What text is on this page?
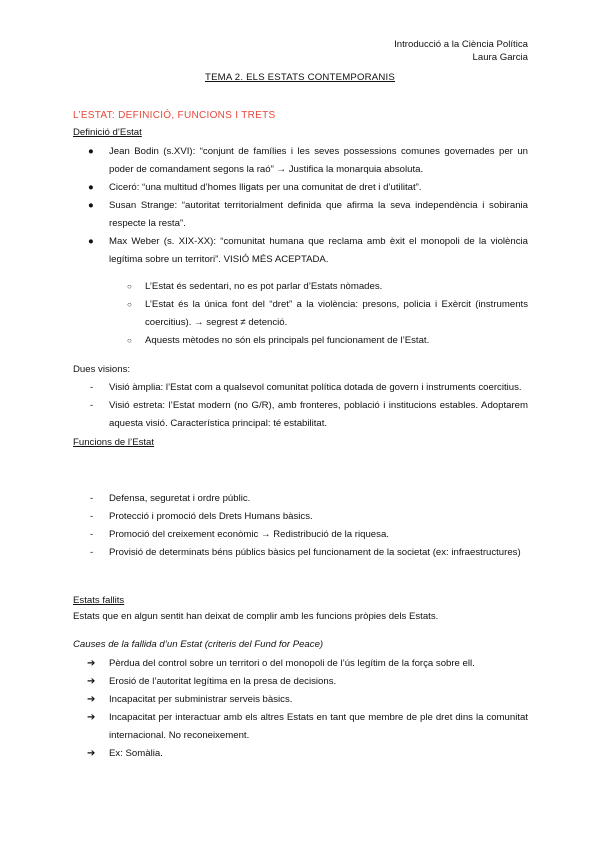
Introducció a la Ciència Política
Laura Garcia
TEMA 2. ELS ESTATS CONTEMPORANIS
L’ESTAT: DEFINICIÓ, FUNCIONS I TRETS
Definició d’Estat
● Jean Bodin (s.XVI): “conjunt de famílies i les seves possessions comunes governades per un poder de comandament segons la raó” → Justifica la monarquia absoluta.
● Ciceró: “una multitud d’homes lligats per una comunitat de dret i d’utilitat”.
● Susan Strange: “autoritat territorialment definida que afirma la seva independència i sobirania respecte la resta”.
● Max Weber (s. XIX-XX): “comunitat humana que reclama amb èxit el monopoli de la violència legítima sobre un territori”. VISIÓ MÉS ACEPTADA.
○ L’Estat és sedentari, no es pot parlar d’Estats nòmades.
○ L’Estat és la única font del “dret” a la violència: presons, policia i Exèrcit (instruments coercitius). → segrest ≠ detenció.
○ Aquests mètodes no són els principals pel funcionament de l’Estat.
Dues visions:
- Visió àmplia: l’Estat com a qualsevol comunitat política dotada de govern i instruments coercitius.
- Visió estreta: l’Estat modern (no G/R), amb fronteres, població i institucions estables. Adoptarem aquesta visió. Característica principal: té estabilitat.
Funcions de l’Estat
- Defensa, seguretat i ordre públic.
- Protecció i promoció dels Drets Humans bàsics.
- Promoció del creixement econòmic → Redistribució de la riquesa.
- Provisió de determinats béns públics bàsics pel funcionament de la societat (ex: infraestructures)
Estats fallits
Estats que en algun sentit han deixat de complir amb les funcions pròpies dels Estats.
Causes de la fallida d’un Estat (criteris del Fund for Peace)
➔ Pèrdua del control sobre un territori o del monopoli de l’ús legítim de la força sobre ell.
➔ Erosió de l’autoritat legítima en la presa de decisions.
➔ Incapacitat per subministrar serveis bàsics.
➔ Incapacitat per interactuar amb els altres Estats en tant que membre de ple dret dins la comunitat internacional. No reconeixement.
➔ Ex: Somàlia.
